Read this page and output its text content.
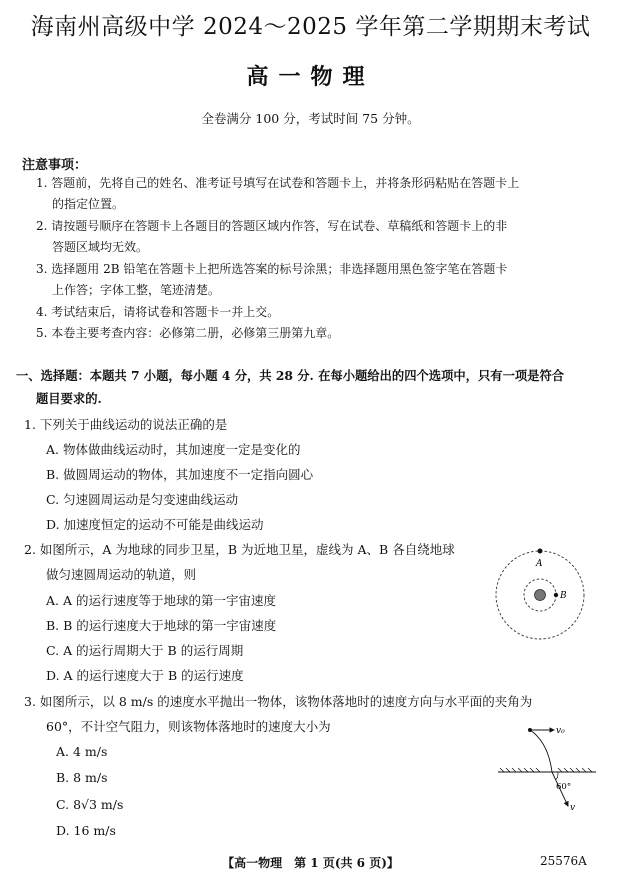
海南州高级中学 2024～2025 学年第二学期期末考试
高一物理
全卷满分 100 分，考试时间 75 分钟。
注意事项：
1. 答题前，先将自己的姓名、准考证号填写在试卷和答题卡上，并将条形码粘贴在答题卡上
的指定位置。
2. 请按题号顺序在答题卡上各题目的答题区域内作答，写在试卷、草稿纸和答题卡上的非
答题区域均无效。
3. 选择题用 2B 铅笔在答题卡上把所选答案的标号涂黑；非选择题用黑色签字笔在答题卡
上作答；字体工整，笔迹清楚。
4. 考试结束后，请将试卷和答题卡一并上交。
5. 本卷主要考查内容：必修第二册，必修第三册第九章。
一、选择题：本题共 7 小题，每小题 4 分，共 28 分. 在每小题给出的四个选项中，只有一项是符合
题目要求的.
1. 下列关于曲线运动的说法正确的是
A. 物体做曲线运动时，其加速度一定是变化的
B. 做圆周运动的物体，其加速度不一定指向圆心
C. 匀速圆周运动是匀变速曲线运动
D. 加速度恒定的运动不可能是曲线运动
2. 如图所示，A 为地球的同步卫星，B 为近地卫星，虚线为 A、B 各自绕地球
做匀速圆周运动的轨道，则
A. A 的运行速度等于地球的第一宇宙速度
B. B 的运行速度大于地球的第一宇宙速度
C. A 的运行周期大于 B 的运行周期
D. A 的运行速度大于 B 的运行速度
A
B
3. 如图所示，以 8 m/s 的速度水平抛出一物体，该物体落地时的速度方向与水平面的夹角为
60°，不计空气阻力，则该物体落地时的速度大小为
A. 4 m/s
B. 8 m/s
C. 8√3 m/s
D. 16 m/s
v₀
60°
v
【高一物理　第 1 页(共 6 页)】	25576A
